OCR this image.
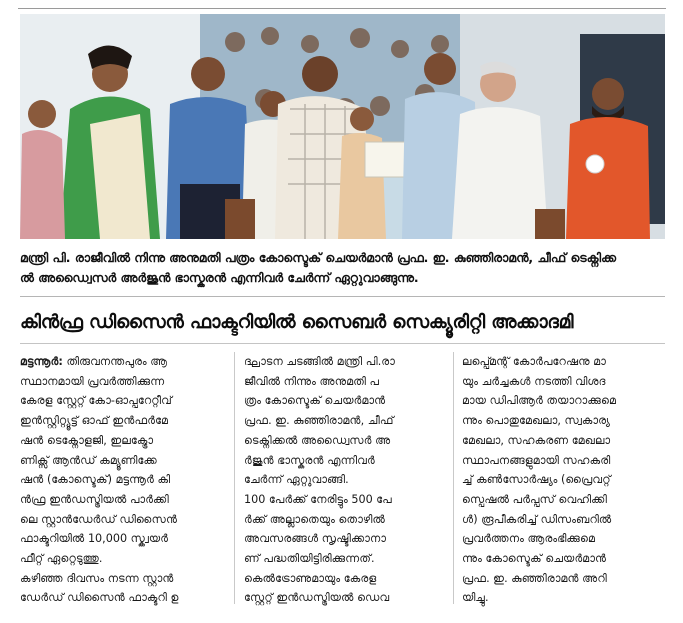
മന്ത്രി പി. രാജീവിൽ നിന്നു അനുമതി പത്രം കോസ്ടെക് ചെയർമാൻ പ്രഫ. ഇ. കുഞ്ഞിരാമൻ, ചീഫ് ടെക്നിക്ക

ൽ അഡ്വൈസർ അർജുൻ ഭാസ്കരൻ എന്നിവർ ചേർന്ന് ഏറ്റുവാങ്ങുന്നു.

കിൻഫ്ര ഡിസൈൻ ഫാക്ടറിയിൽ സൈബർ സെക്യൂരിറ്റി അക്കാദമി

മട്ടന്നൂർ: തിരുവനന്തപുരം ആ

സ്ഥാനമായി പ്രവർത്തിക്കുന്ന

കേരള സ്റ്റേറ്റ് കോ-ഓപ്പറേറ്റീവ്

ഇൻസ്റ്റിറ്റ്യൂട്ട് ഓഫ് ഇൻഫർമേ

ഷൻ ടെക്നോളജി, ഇലക്ട്രോ

ണിക്സ് ആൻഡ് കമ്യൂണിക്കേ

ഷൻ (കോസ്ടെക്) മട്ടന്നൂർ കി

ൻഫ്ര ഇൻഡസ്ട്രിയൽ പാർക്കി

ലെ സ്റ്റാൻഡേർഡ് ഡിസൈൻ

ഫാക്ടറിയിൽ 10,000 സ്ക്വയർ

ഫീറ്റ് ഏറ്റെടുത്തു.

കഴിഞ്ഞ ദിവസം നടന്ന സ്റ്റാൻ

ഡേർഡ് ഡിസൈൻ ഫാക്ടറി ഉ

ദ്ഘാടന ചടങ്ങിൽ മന്ത്രി പി.രാ

ജീവിൽ നിന്നും അനുമതി പ

ത്രം കോസ്ടെക് ചെയർമാൻ

പ്രഫ. ഇ. കുഞ്ഞിരാമൻ, ചീഫ്

ടെക്നിക്കൽ അഡ്വൈസർ അ

ർജുൻ ഭാസ്കരൻ എന്നിവർ

ചേർന്ന് ഏറ്റുവാങ്ങി.

100 പേർക്ക് നേരിട്ടും 500 പേ

ർക്ക് അല്ലാതെയും തൊഴിൽ

അവസരങ്ങൾ സൃഷ്ടിക്കാനാ

ണ് പദ്ധതിയിട്ടിരിക്കുന്നത്.

കെൽട്രോണുമായും കേരള

സ്റ്റേറ്റ് ഇൻഡസ്ട്രിയൽ ഡെവ

ലപ്പ്മെന്റ് കോർപറേഷനു മാ

യും ചർച്ചകൾ നടത്തി വിശദ

മായ ഡിപിആർ തയാറാക്കുമെ

ന്നും പൊതുമേഖലാ, സ്വകാര്യ

മേഖലാ, സഹകരണ മേഖലാ

സ്ഥാപനങ്ങളുമായി സഹകരി

ച്ച് കൺസോർഷ്യം (പ്രൈവറ്റ്

സ്പെഷൽ പർപ്പസ് വെഹിക്കി

ൾ) രൂപീകരിച്ച് ഡിസംബറിൽ

പ്രവർത്തനം ആരംഭിക്കുമെ

ന്നും കോസ്ടെക് ചെയർമാൻ

പ്രഫ. ഇ. കുഞ്ഞിരാമൻ അറി

യിച്ചു.
